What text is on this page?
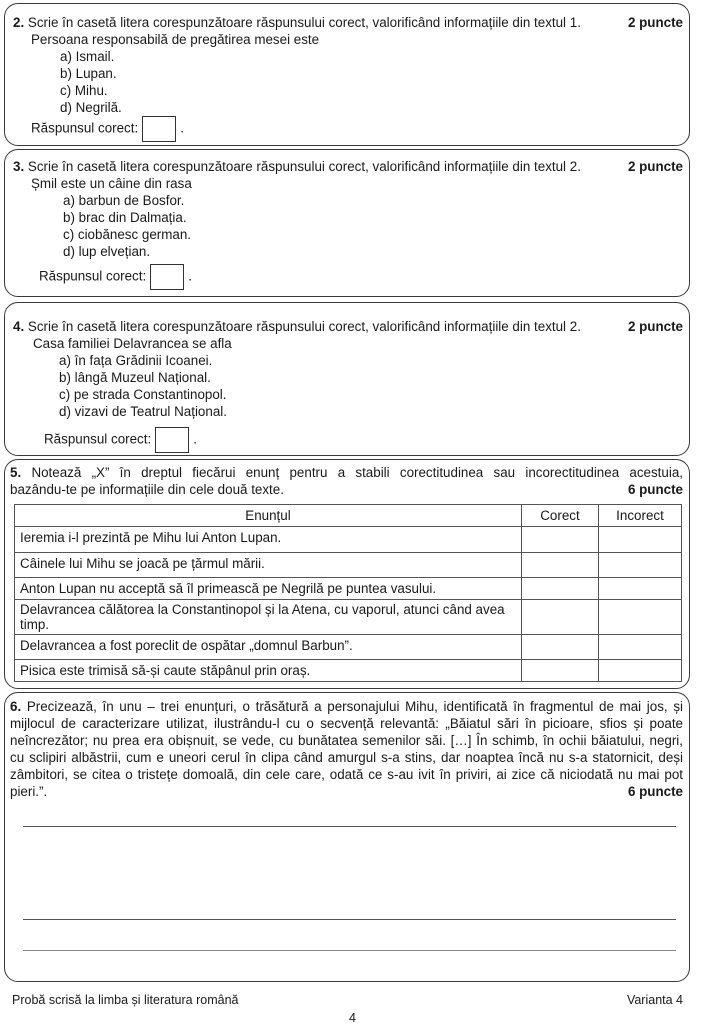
2. Scrie în casetă litera corespunzătoare răspunsului corect, valorificând informațiile din textul 1.	2 puncte
Persoana responsabilă de pregătirea mesei este
a) Ismail.
b) Lupan.
c) Mihu.
d) Negrilă.
Răspunsul corect:	.
3. Scrie în casetă litera corespunzătoare răspunsului corect, valorificând informațiile din textul 2.	2 puncte
Șmil este un câine din rasa
a) barbun de Bosfor.
b) brac din Dalmația.
c) ciobănesc german.
d) lup elvețian.
Răspunsul corect:	.
4. Scrie în casetă litera corespunzătoare răspunsului corect, valorificând informațiile din textul 2.	2 puncte
Casa familiei Delavrancea se afla
a) în fața Grădinii Icoanei.
b) lângă Muzeul Național.
c) pe strada Constantinopol.
d) vizavi de Teatrul Național.
Răspunsul corect:	.
5. Notează „X” în dreptul fiecărui enunț pentru a stabili corectitudinea sau incorectitudinea acestuia,
bazându-te pe informațiile din cele două texte.	6 puncte
Enunțul	Corect	Incorect
Ieremia i-l prezintă pe Mihu lui Anton Lupan.		
Câinele lui Mihu se joacă pe țărmul mării.		
Anton Lupan nu acceptă să îl primească pe Negrilă pe puntea vasului.		
Delavrancea călătorea la Constantinopol și la Atena, cu vaporul, atunci când avea timp.		
Delavrancea a fost poreclit de ospătar „domnul Barbun”.		
Pisica este trimisă să-și caute stăpânul prin oraș.		
6. Precizează, în unu – trei enunțuri, o trăsătură a personajului Mihu, identificată în fragmentul de mai jos, și mijlocul de caracterizare utilizat, ilustrându-l cu o secvență relevantă: „Băiatul sări în picioare, sfios și poate neîncrezător; nu prea era obișnuit, se vede, cu bunătatea semenilor săi. […] În schimb, în ochii băiatului, negri, cu sclipiri albăstrii, cum e uneori cerul în clipa când amurgul s-a stins, dar noaptea încă nu s-a statornicit, deși zâmbitori, se citea o tristețe domoală, din cele care, odată ce s-au ivit în priviri, ai zice că niciodată nu mai pot pieri.”.	6 puncte
Probă scrisă la limba și literatura română	Varianta 4
4
